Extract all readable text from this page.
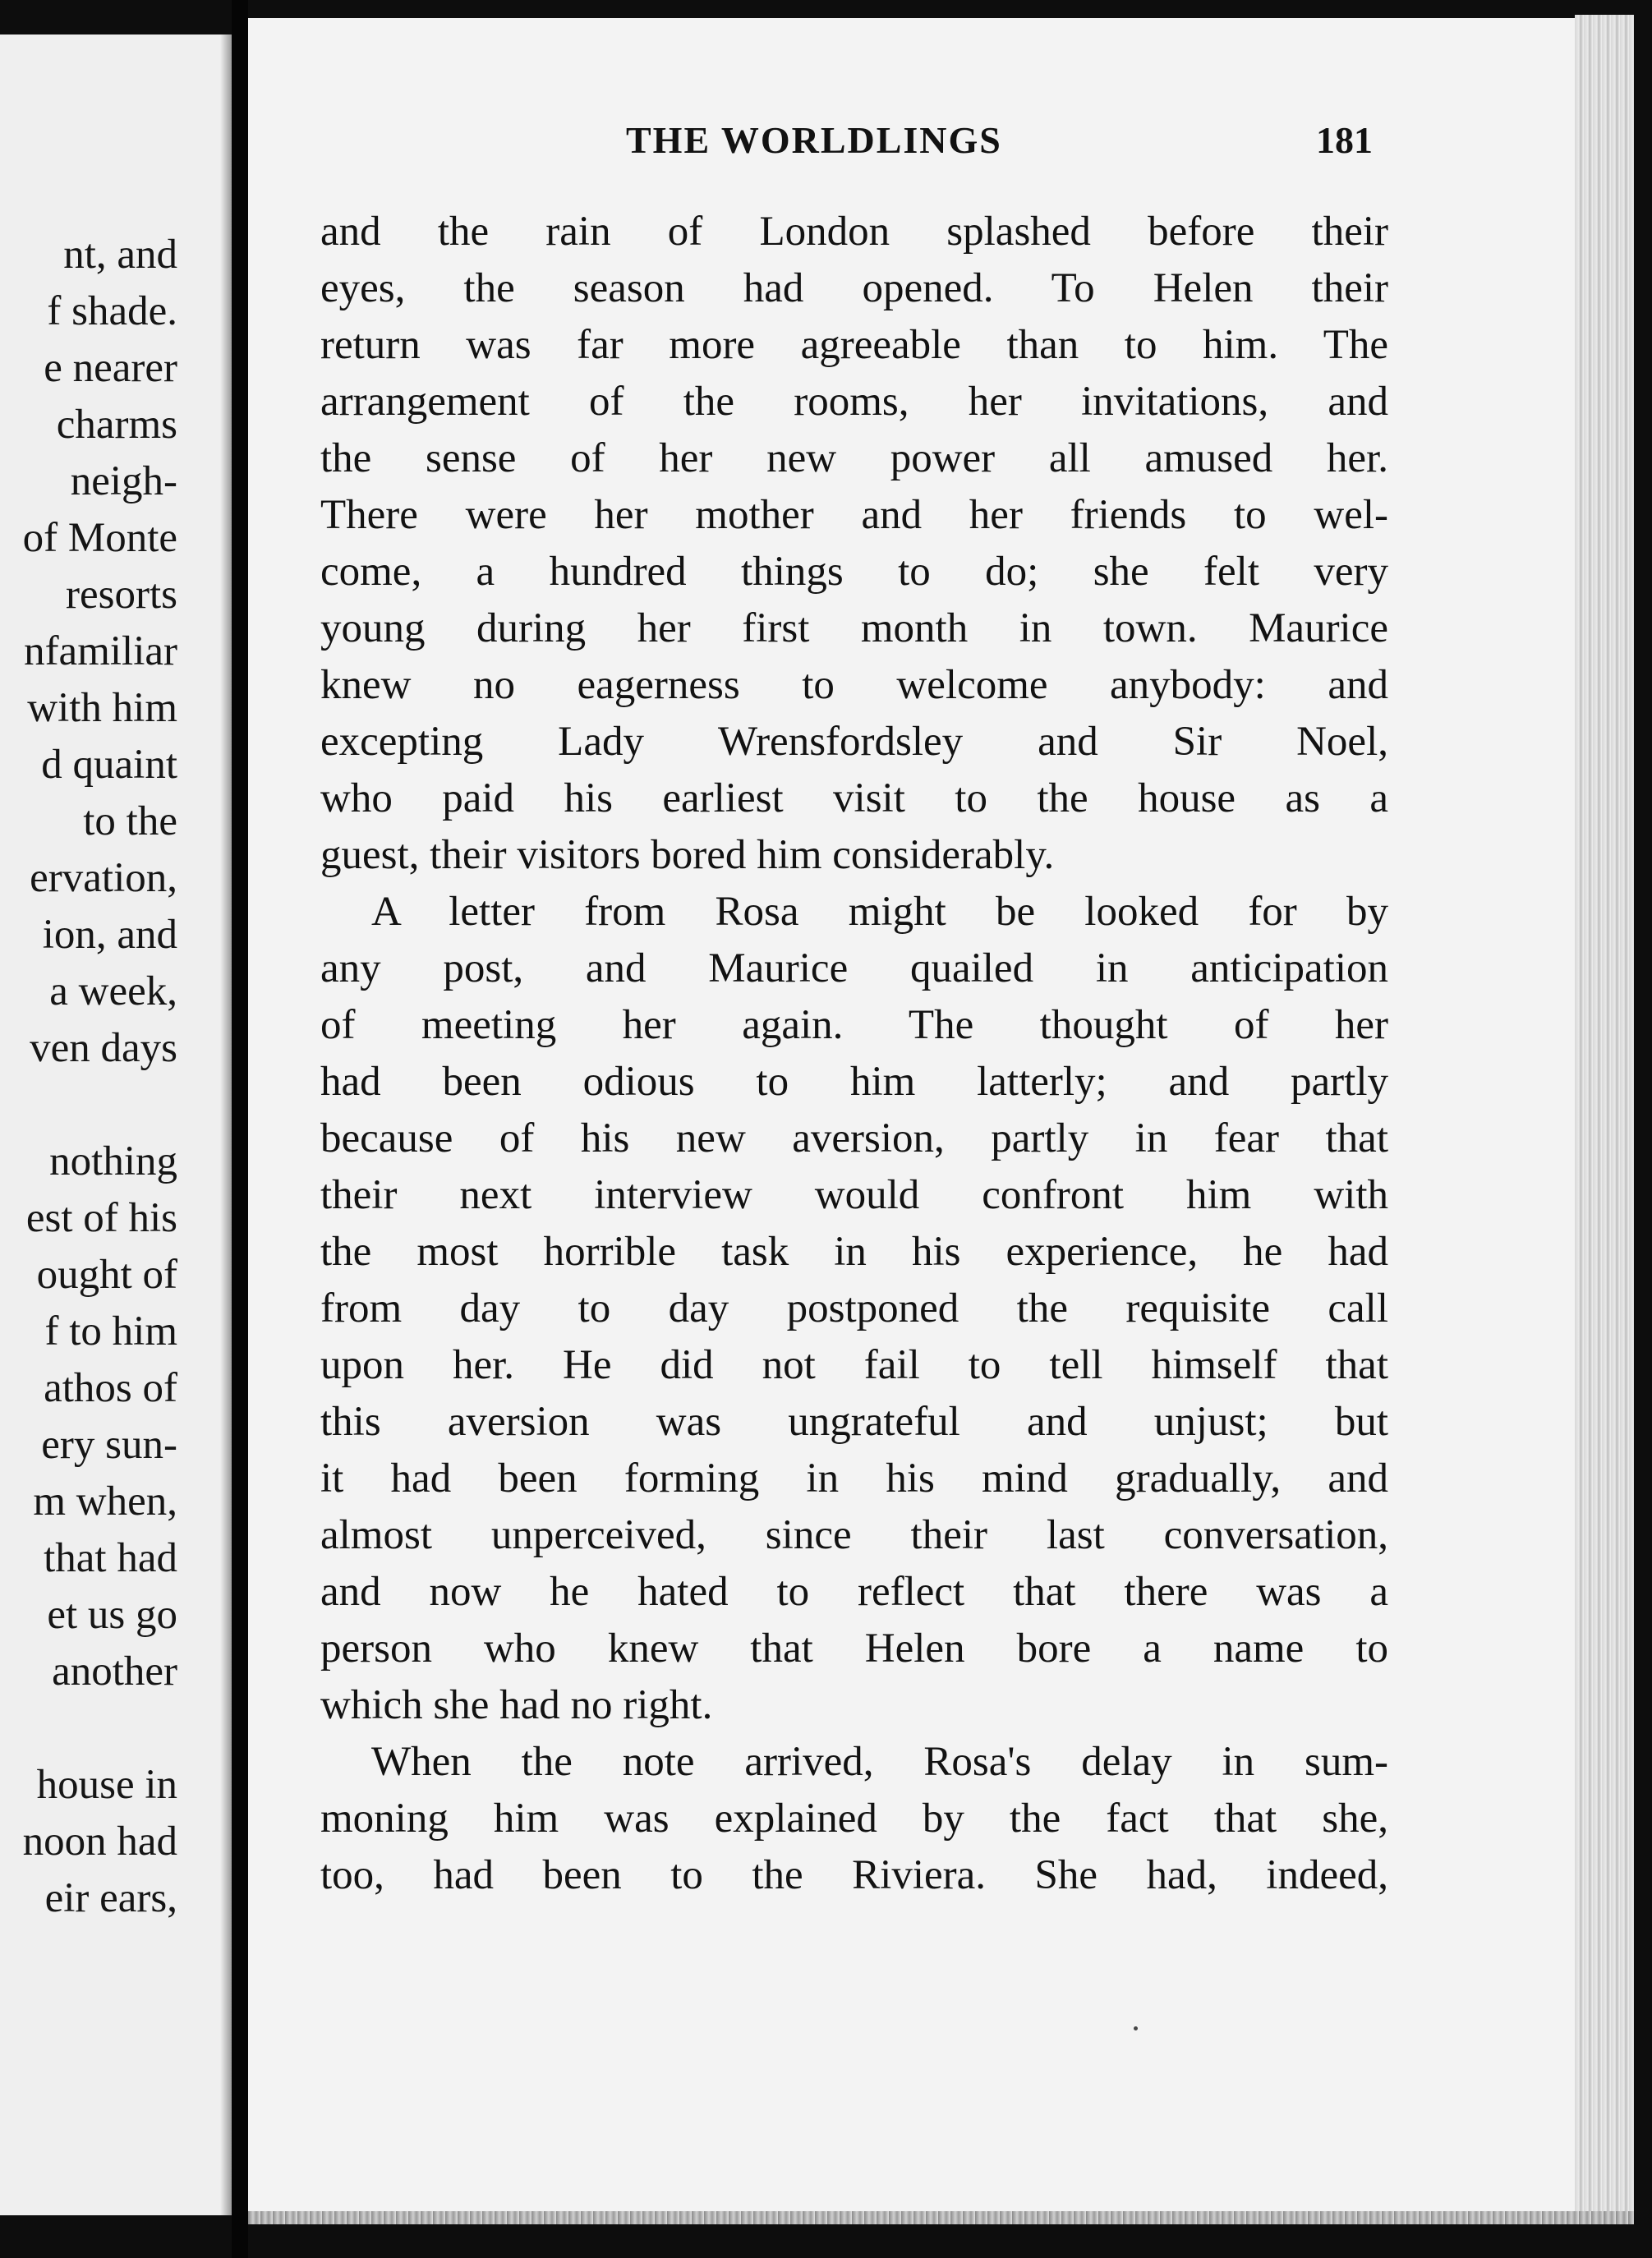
nt, and
f shade.
e nearer
charms
neigh-
of Monte
resorts
nfamiliar
with him
d quaint
to the
ervation,
ion, and
a week,
ven days
nothing
est of his
ought of
f to him
athos of
ery sun-
m when,
that had
et us go
another
house in
noon had
eir ears,
THE WORLDLINGS	181
and the rain of London splashed before their
eyes, the season had opened. To Helen their
return was far more agreeable than to him. The
arrangement of the rooms, her invitations, and
the sense of her new power all amused her.
There were her mother and her friends to wel-
come, a hundred things to do; she felt very
young during her first month in town. Maurice
knew no eagerness to welcome anybody: and
excepting Lady Wrensfordsley and Sir Noel,
who paid his earliest visit to the house as a
guest, their visitors bored him considerably.
A letter from Rosa might be looked for by
any post, and Maurice quailed in anticipation
of meeting her again. The thought of her
had been odious to him latterly; and partly
because of his new aversion, partly in fear that
their next interview would confront him with
the most horrible task in his experience, he had
from day to day postponed the requisite call
upon her. He did not fail to tell himself that
this aversion was ungrateful and unjust; but
it had been forming in his mind gradually, and
almost unperceived, since their last conversation,
and now he hated to reflect that there was a
person who knew that Helen bore a name to
which she had no right.
When the note arrived, Rosa's delay in sum-
moning him was explained by the fact that she,
too, had been to the Riviera. She had, indeed,
